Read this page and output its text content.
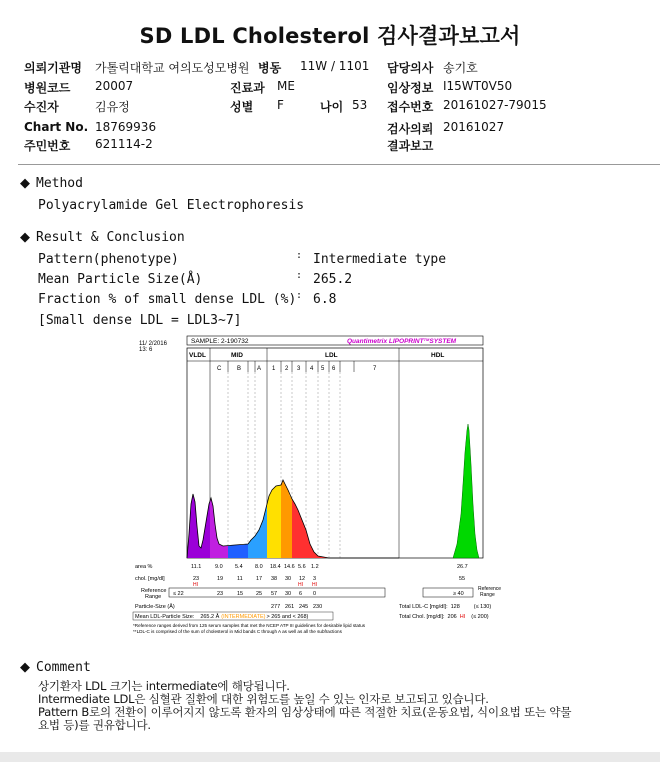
SD LDL Cholesterol 검사결과보고서
의뢰기관명 가톨릭대학교 여의도성모병원 병동 11W / 1101 담당의사 송기호
병원코드 20007	진료과 ME	임상정보 I15WT0V50
수진자	김유정	성별 F	나이 53 접수번호 20161027-79015
Chart No. 18769936	검사의뢰 20161027
주민번호 621114-2	결과보고
◆ Method
Polyacrylamide Gel Electrophoresis
◆ Result & Conclusion
Pattern(phenotype)	: Intermediate type
Mean Particle Size(Å)	: 265.2
Fraction % of small dense LDL (%) : 6.8
[Small dense LDL = LDL3~7]
11/ 2/2016
13: 6
SAMPLE: 2-190732	Quantimetrix LIPOPRINT™SYSTEM
VLDL	MID	LDL	HDL
C	B	A 1 2 3 4 5 6	7
area %	11.1 9.0 5.4 8.0 18.4 14.6 5.6 1.2	26.7
chol. [mg/dl]	23	19	11 17 38 30 12 3	55
HI	HI HI
Reference
Range ≤ 22	23	15 25 57 30 6 0	≥ 40
Reference
Range
Particle-Size (Å)	277 261 245 230	Total LDL-C [mg/dl]: 128	(≤ 130)
Mean LDL-Particle Size: 265.2 Å (INTERMEDIATE)> 265 and < 268)	Total Chol. [mg/dl]: 206 HI (≤ 200)
*Reference ranges derived from 125 serum samples that met the NCEP ATP III guidelines for desirable lipid status
**LDL-C is comprised of the sum of cholesterol in Mid bands C through A as well as all the subfractions
◆ Comment
상기환자 LDL 크기는 intermediate에 해당됩니다.
Intermediate LDL은 심혈관 질환에 대한 위험도를 높일 수 있는 인자로 보고되고 있습니다.
Pattern B로의 전환이 이루어지지 않도록 환자의 임상상태에 따른 적절한 치료(운동요법, 식이요법 또는 약물
요법 등)를 권유합니다.
